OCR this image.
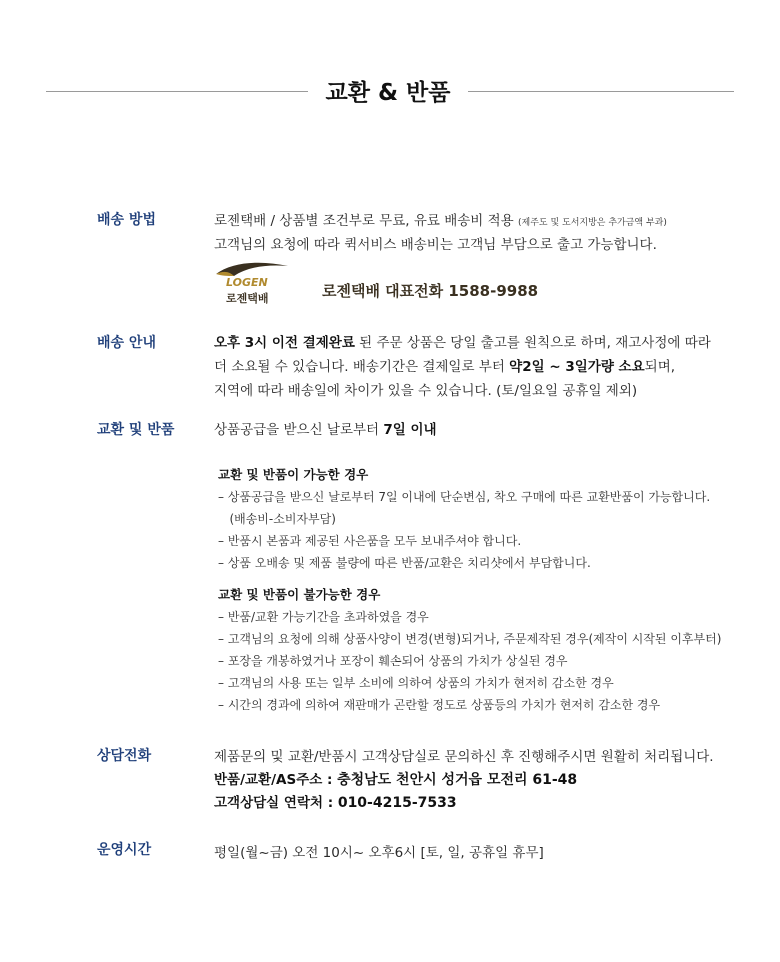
교환 & 반품
배송 방법	로젠택배 / 상품별 조건부로 무료, 유료 배송비 적용 (제주도 및 도서지방은 추가금액 부과)
고객님의 요청에 따라 퀵서비스 배송비는 고객님 부담으로 출고 가능합니다.
LOGEN
로젠택배	로젠택배 대표전화 1588-9988
배송 안내	오후 3시 이전 결제완료 된 주문 상품은 당일 출고를 원칙으로 하며, 재고사정에 따라
더 소요될 수 있습니다. 배송기간은 결제일로 부터 약2일 ~ 3일가량 소요되며,
지역에 따라 배송일에 차이가 있을 수 있습니다. (토/일요일 공휴일 제외)
교환 및 반품	상품공급을 받으신 날로부터 7일 이내
교환 및 반품이 가능한 경우
– 상품공급을 받으신 날로부터 7일 이내에 단순변심, 착오 구매에 따른 교환반품이 가능합니다.
(배송비-소비자부담)
– 반품시 본품과 제공된 사은품을 모두 보내주셔야 합니다.
– 상품 오배송 및 제품 불량에 따른 반품/교환은 치리샷에서 부담합니다.
교환 및 반품이 불가능한 경우
– 반품/교환 가능기간을 초과하였을 경우
– 고객님의 요청에 의해 상품사양이 변경(변형)되거나, 주문제작된 경우(제작이 시작된 이후부터)
– 포장을 개봉하였거나 포장이 훼손되어 상품의 가치가 상실된 경우
– 고객님의 사용 또는 일부 소비에 의하여 상품의 가치가 현저히 감소한 경우
– 시간의 경과에 의하여 재판매가 곤란할 정도로 상품등의 가치가 현저히 감소한 경우
상담전화	제품문의 및 교환/반품시 고객상담실로 문의하신 후 진행해주시면 원활히 처리됩니다.
반품/교환/AS주소 : 충청남도 천안시 성거읍 모전리 61-48
고객상담실 연락처 : 010-4215-7533
운영시간	평일(월~금) 오전 10시~ 오후6시 [토, 일, 공휴일 휴무]
